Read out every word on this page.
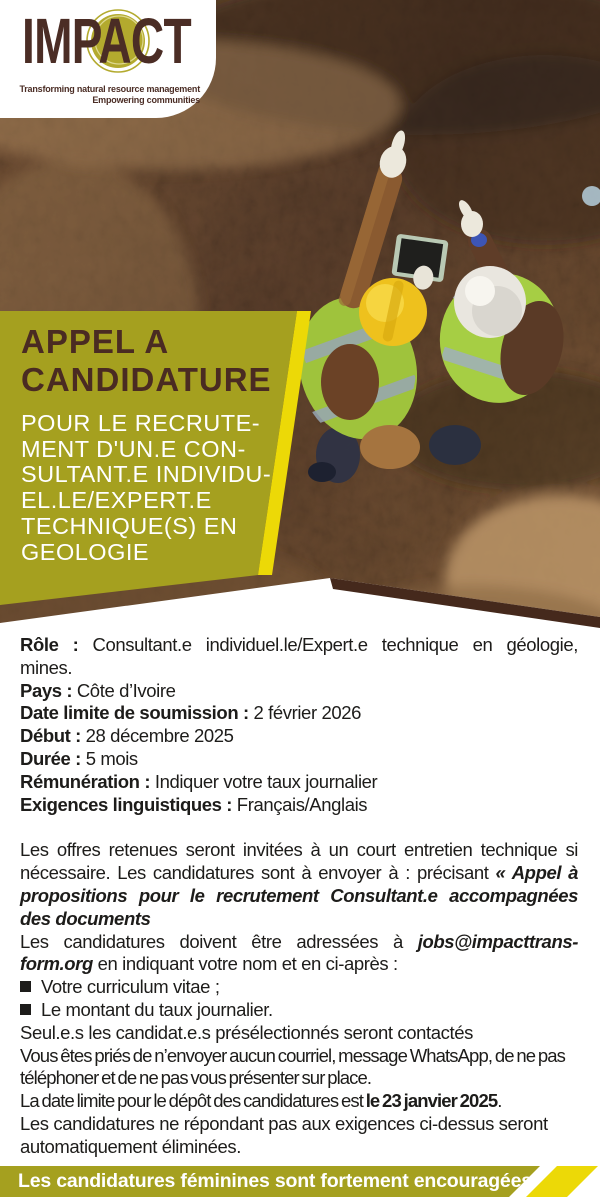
IMPACT
Transforming natural resource management
Empowering communities
APPEL A
CANDIDATURE
POUR LE RECRUTE-
MENT D'UN.E CON-
SULTANT.E INDIVIDU-
EL.LE/EXPERT.E
TECHNIQUE(S) EN
GEOLOGIE
Rôle : Consultant.e individuel.le/Expert.e technique en géologie, mines.
Pays : Côte d’Ivoire
Date limite de soumission : 2 février 2026
Début : 28 décembre 2025
Durée : 5 mois
Rémunération : Indiquer votre taux journalier
Exigences linguistiques : Français/Anglais

Les offres retenues seront invitées à un court entretien technique si nécessaire. Les candidatures sont à envoyer à : précisant « Appel à propositions pour le recrutement Consultant.e accompagnées des documents

Les candidatures doivent être adressées à jobs@impacttrans-form.org en indiquant votre nom et en ci-après :

Votre curriculum vitae ;
Le montant du taux journalier.
Seul.e.s les candidat.e.s présélectionnés seront contactés
Vous êtes priés de n’envoyer aucun courriel, message WhatsApp, de ne pas téléphoner et de ne pas vous présenter sur place.
La date limite pour le dépôt des candidatures est le 23 janvier 2025.
Les candidatures ne répondant pas aux exigences ci-dessus seront automatiquement éliminées.
Les candidatures féminines sont fortement encouragées
